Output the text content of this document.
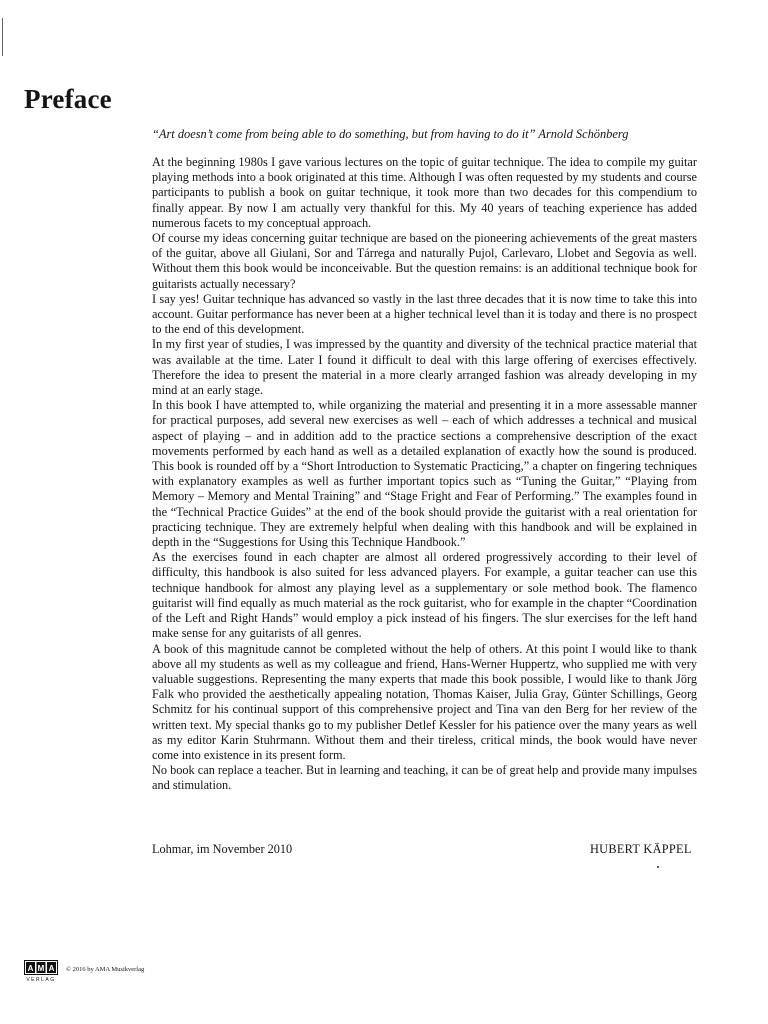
Preface

“Art doesn’t come from being able to do something, but from having to do it” Arnold Schönberg

At the beginning 1980s I gave various lectures on the topic of guitar technique. The idea to compile my guitar playing methods into a book originated at this time. Although I was often requested by my students and course participants to publish a book on guitar technique, it took more than two decades for this compendium to finally appear. By now I am actually very thankful for this. My 40 years of teaching experience has added numerous facets to my conceptual approach.

Of course my ideas concerning guitar technique are based on the pioneering achievements of the great masters of the guitar, above all Giulani, Sor and Tárrega and naturally Pujol, Carlevaro, Llobet and Segovia as well. Without them this book would be inconceivable. But the question remains: is an additional technique book for guitarists actually necessary?

I say yes! Guitar technique has advanced so vastly in the last three decades that it is now time to take this into account. Guitar performance has never been at a higher technical level than it is today and there is no prospect to the end of this development.

In my first year of studies, I was impressed by the quantity and diversity of the technical practice material that was available at the time. Later I found it difficult to deal with this large offering of exercises effectively. Therefore the idea to present the material in a more clearly arranged fashion was already developing in my mind at an early stage.

In this book I have attempted to, while organizing the material and presenting it in a more assessable manner for practical purposes, add several new exercises as well – each of which addresses a technical and musical aspect of playing – and in addition add to the practice sections a comprehensive description of the exact movements performed by each hand as well as a detailed explanation of exactly how the sound is produced. This book is rounded off by a “Short Introduction to Systematic Practicing,” a chapter on fingering techniques with explanatory examples as well as further important topics such as “Tuning the Guitar,” “Playing from Memory – Memory and Mental Training” and “Stage Fright and Fear of Performing.” The examples found in the “Technical Practice Guides” at the end of the book should provide the guitarist with a real orientation for practicing technique. They are extremely helpful when dealing with this handbook and will be explained in depth in the “Suggestions for Using this Technique Handbook.”

As the exercises found in each chapter are almost all ordered progressively according to their level of difficulty, this handbook is also suited for less advanced players. For example, a guitar teacher can use this technique handbook for almost any playing level as a supplementary or sole method book. The flamenco guitarist will find equally as much material as the rock guitarist, who for example in the chapter “Coordination of the Left and Right Hands” would employ a pick instead of his fingers. The slur exercises for the left hand make sense for any guitarists of all genres.

A book of this magnitude cannot be completed without the help of others. At this point I would like to thank above all my students as well as my colleague and friend, Hans-Werner Huppertz, who supplied me with very valuable suggestions. Representing the many experts that made this book possible, I would like to thank Jörg Falk who provided the aesthetically appealing notation, Thomas Kaiser, Julia Gray, Günter Schillings, Georg Schmitz for his continual support of this comprehensive project and Tina van den Berg for her review of the written text. My special thanks go to my publisher Detlef Kessler for his patience over the many years as well as my editor Karin Stuhrmann. Without them and their tireless, critical minds, the book would have never come into existence in its present form.

No book can replace a teacher. But in learning and teaching, it can be of great help and provide many impulses and stimulation.

Lohmar, im November 2010	HUBERT KÄPPEL
A M A
VERLAG
© 2016 by AMA Musikverlag
